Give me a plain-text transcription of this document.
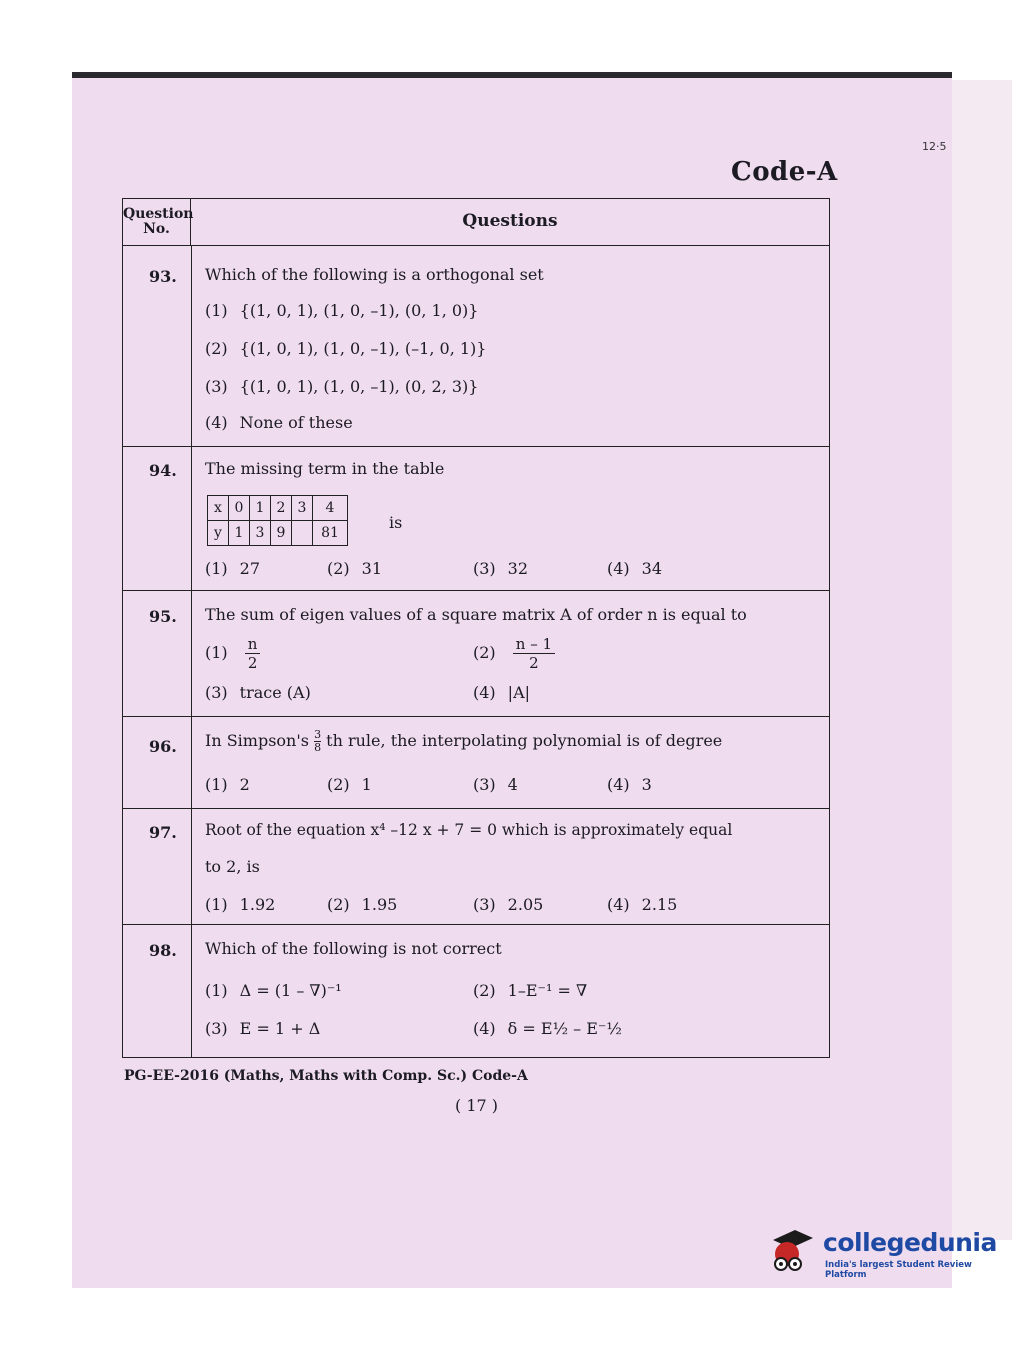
12·5
Code-A
Question No.	Questions
93. Which of the following is a orthogonal set
(1) {(1, 0, 1), (1, 0, –1), (0, 1, 0)}
(2) {(1, 0, 1), (1, 0, –1), (–1, 0, 1)}
(3) {(1, 0, 1), (1, 0, –1), (0, 2, 3)}
(4) None of these
94. The missing term in the table
x	0	1	2	3	4
y	1	3	9		81
is
(1) 27	(2) 31	(3) 32	(4) 34
95. The sum of eigen values of a square matrix A of order n is equal to
$(1) \frac{n}{2}$	$(2) \frac{n - 1}{2}$
(3) trace (A)	(4) |A|
96. In Simpson's $\frac{3}{8}$ th rule, the interpolating polynomial is of degree
(1) 2	(2) 1	(3) 4	(4) 3
97. Root of the equation x⁴ –12 x + 7 = 0 which is approximately equal
to 2, is
(1) 1.92	(2) 1.95	(3) 2.05	(4) 2.15
98. Which of the following is not correct
(1) Δ = (1 – ∇)⁻¹	(2) 1–E⁻¹ = ∇
(3) E = 1 + Δ	(4) δ = E½ – E⁻½
PG-EE-2016 (Maths, Maths with Comp. Sc.) Code-A
( 17 )
collegedunia
India's largest Student Review Platform
